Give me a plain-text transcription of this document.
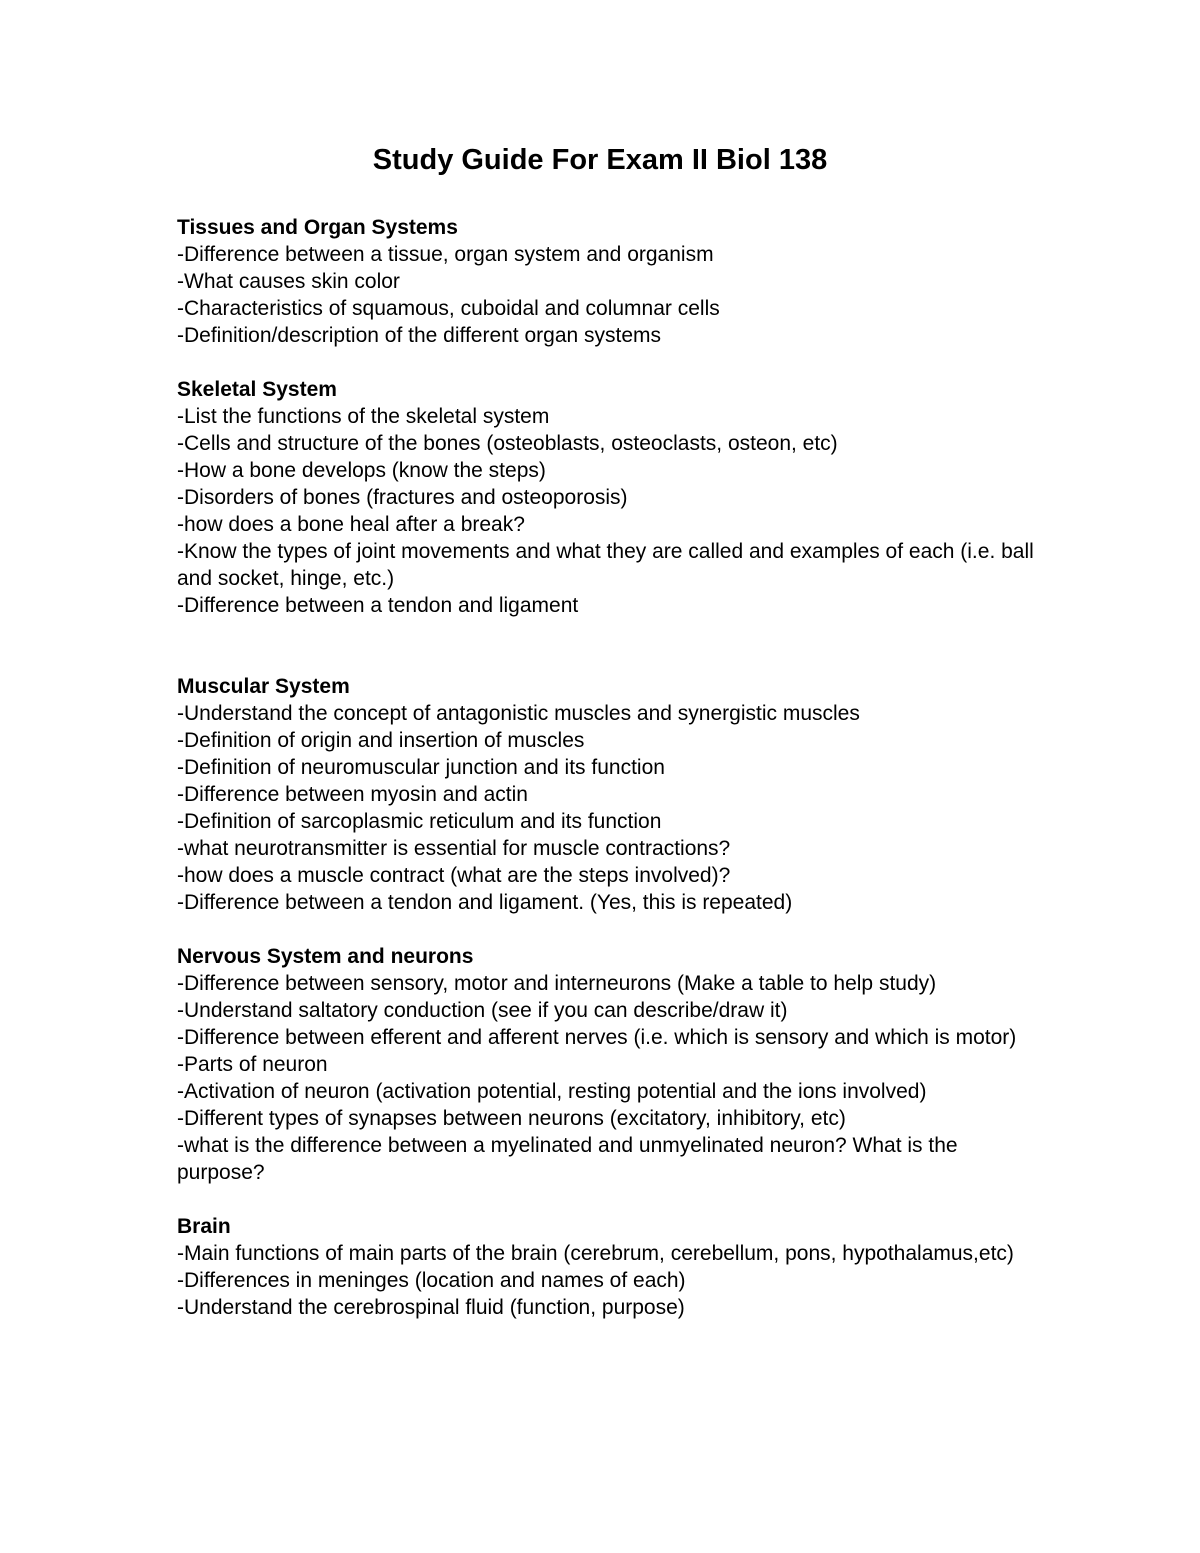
Study Guide For Exam II Biol 138

Tissues and Organ Systems

-Difference between a tissue, organ system and organism

-What causes skin color

-Characteristics of squamous, cuboidal and columnar cells

-Definition/description of the different organ systems

Skeletal System

-List the functions of the skeletal system

-Cells and structure of the bones (osteoblasts, osteoclasts, osteon, etc)

-How a bone develops (know the steps)

-Disorders of bones (fractures and osteoporosis)

-how does a bone heal after a break?

-Know the types of joint movements and what they are called and examples of each (i.e. ball and socket, hinge, etc.)

-Difference between a tendon and ligament

Muscular System

-Understand the concept of antagonistic muscles and synergistic muscles

-Definition of origin and insertion of muscles

-Definition of neuromuscular junction and its function

-Difference between myosin and actin

-Definition of sarcoplasmic reticulum and its function

-what neurotransmitter is essential for muscle contractions?

-how does a muscle contract (what are the steps involved)?

-Difference between a tendon and ligament. (Yes, this is repeated)

Nervous System and neurons

-Difference between sensory, motor and interneurons (Make a table to help study)

-Understand saltatory conduction (see if you can describe/draw it)

-Difference between efferent and afferent nerves (i.e. which is sensory and which is motor)

-Parts of neuron

-Activation of neuron (activation potential, resting potential and the ions involved)

-Different types of synapses between neurons (excitatory, inhibitory, etc)

-what is the difference between a myelinated and unmyelinated neuron? What is the purpose?

Brain

-Main functions of main parts of the brain (cerebrum, cerebellum, pons, hypothalamus,etc)

-Differences in meninges (location and names of each)

-Understand the cerebrospinal fluid (function, purpose)
